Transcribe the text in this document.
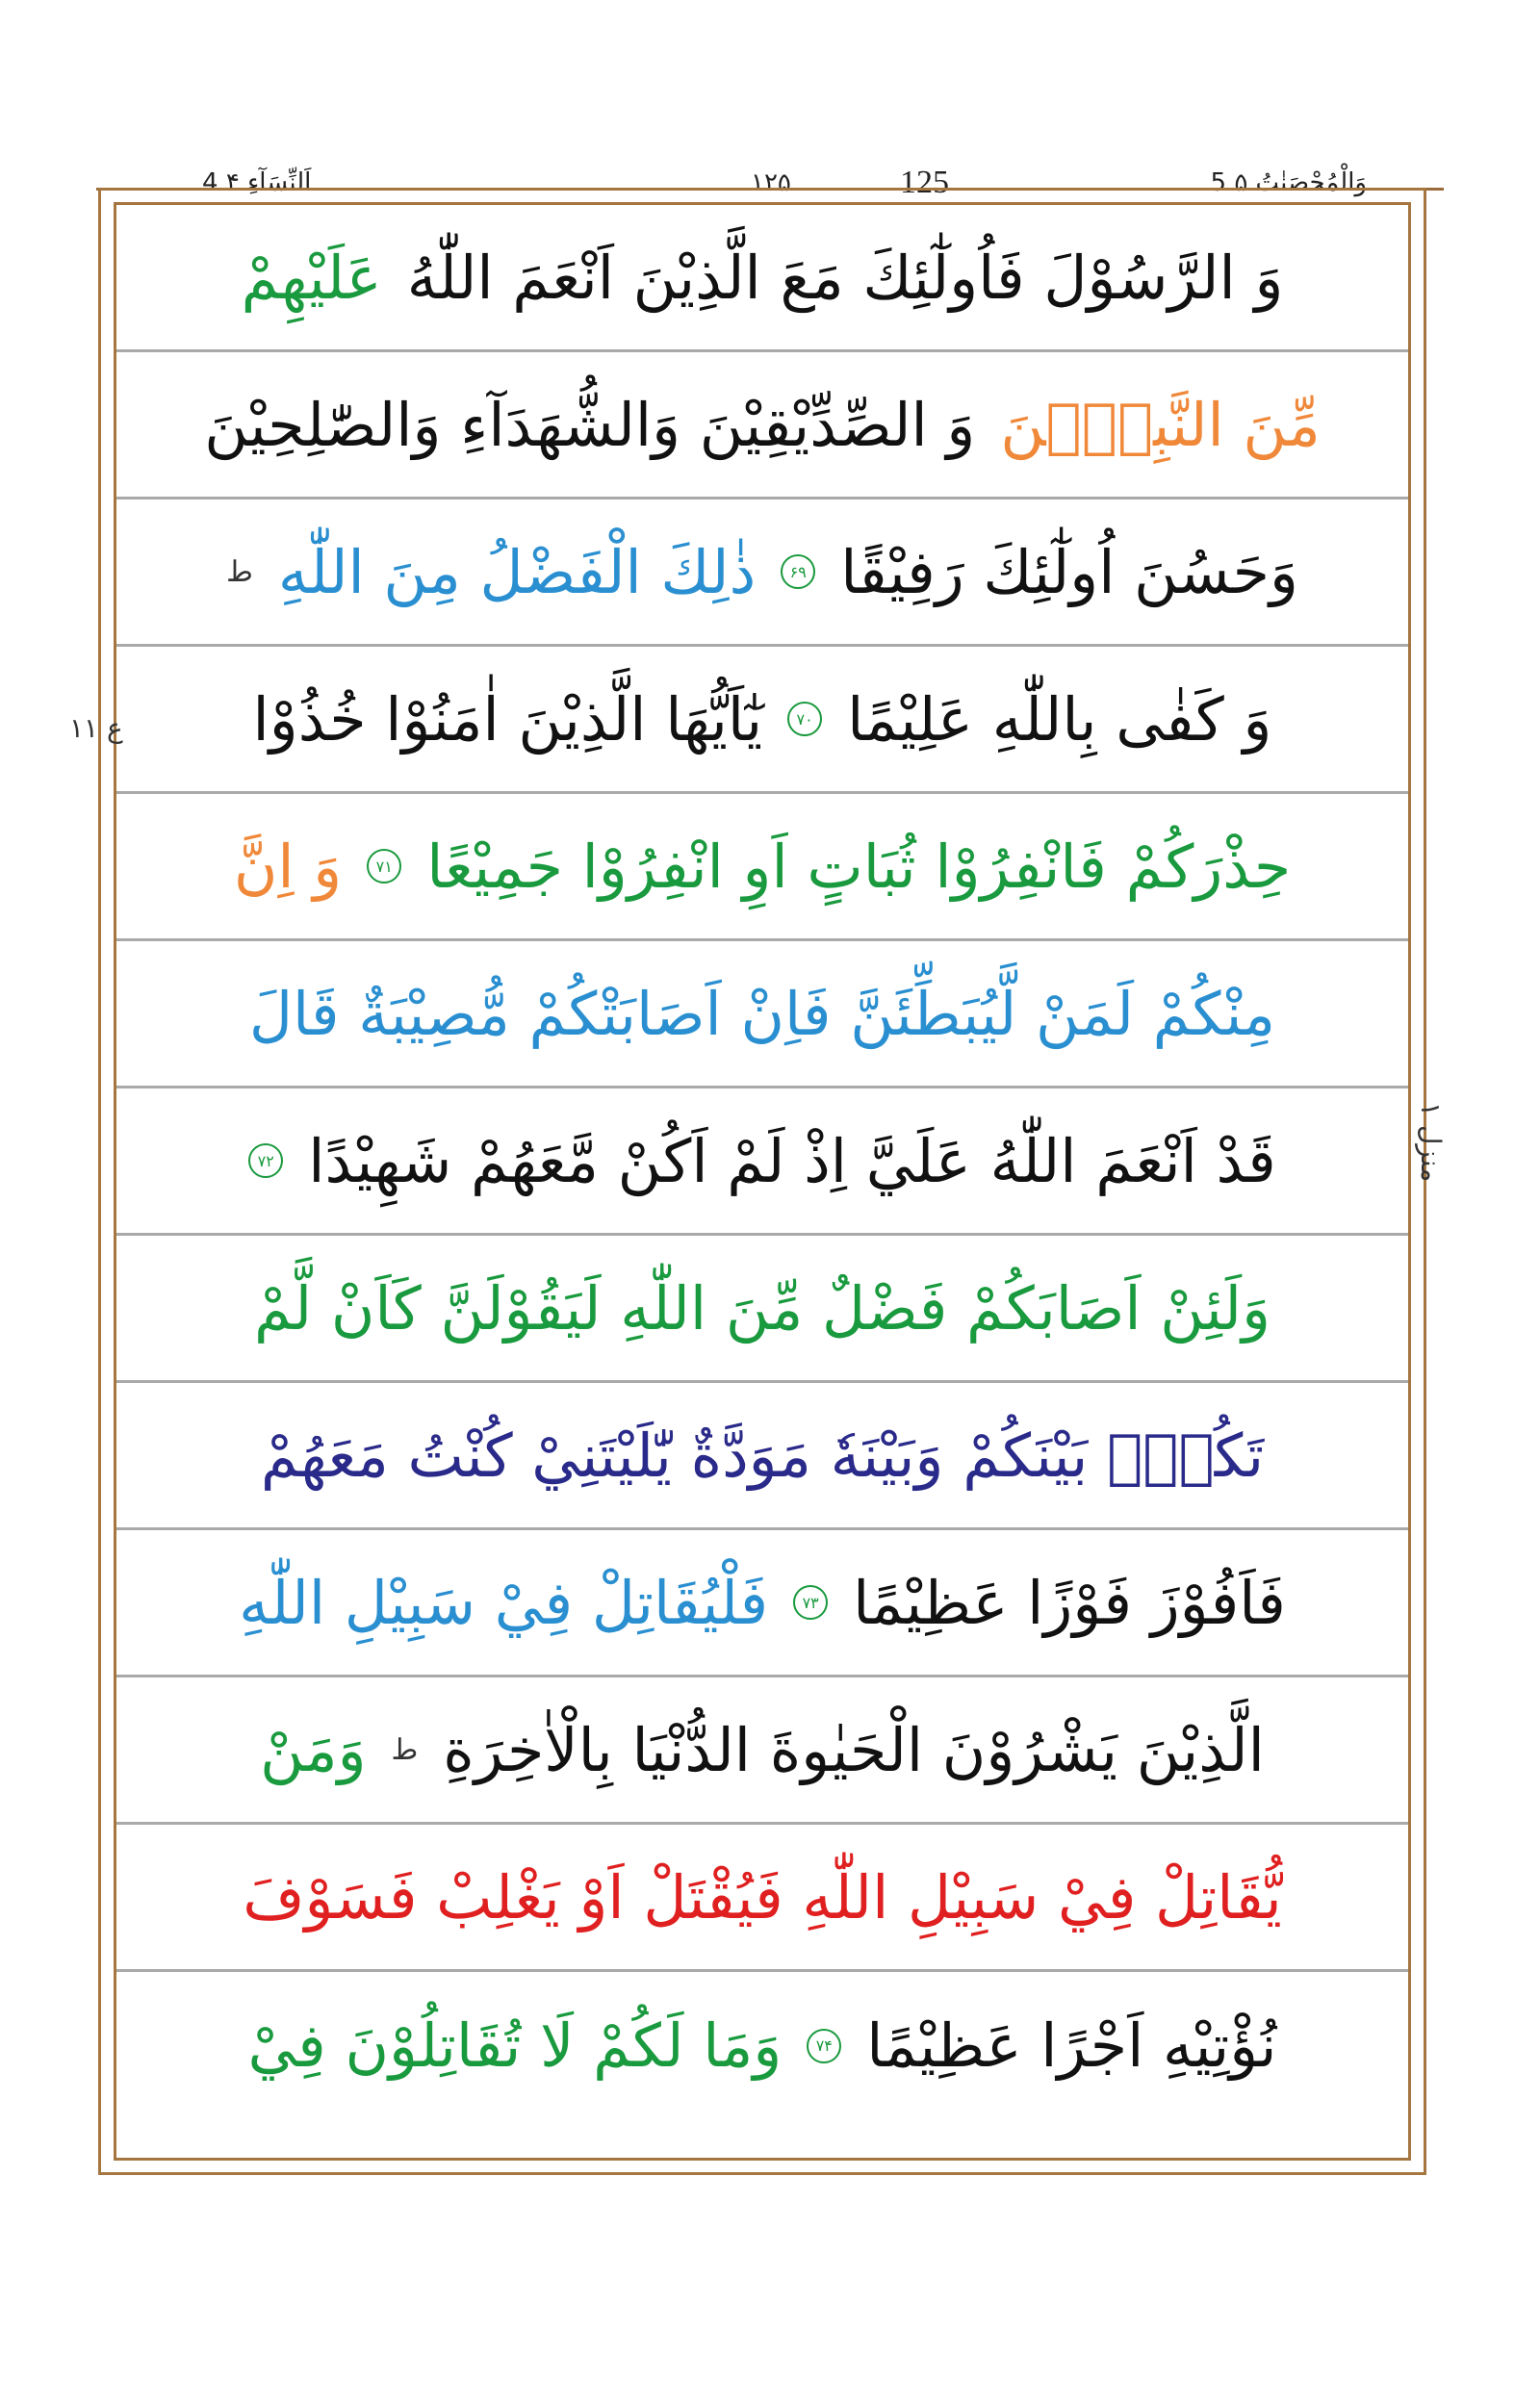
5 وَالْمُحْصَنٰتُ ۵
۱۲۵	125
4 اَلنِّسَآءِ ۴
ع ١١
منزل ۱
وَ الرَّسُوْلَ فَاُولٰٓئِكَ مَعَ الَّذِيْنَ اَنْعَمَ اللّٰهُ
عَلَيْهِمْ
مِّنَ النَّبِيّٖنَ
وَ الصِّدِّيْقِيْنَ وَالشُّهَدَآءِ وَالصّٰلِحِيْنَ
وَحَسُنَ اُولٰٓئِكَ رَفِيْقًا
۶۹
ذٰلِكَ الْفَضْلُ مِنَ اللّٰهِ
ط
وَ كَفٰى بِاللّٰهِ عَلِيْمًا
۷۰
يٰٓاَيُّهَا الَّذِيْنَ اٰمَنُوْا خُذُوْا
حِذْرَكُمْ فَانْفِرُوْا ثُبَاتٍ اَوِ انْفِرُوْا جَمِيْعًا
۷۱
وَ اِنَّ
مِنْكُمْ لَمَنْ لَّيُبَطِّئَنَّ فَاِنْ اَصَابَتْكُمْ مُّصِيْبَةٌ قَالَ
قَدْ اَنْعَمَ اللّٰهُ عَلَيَّ اِذْ لَمْ اَكُنْ مَّعَهُمْ شَهِيْدًا
۷۲
وَلَئِنْ اَصَابَكُمْ فَضْلٌ مِّنَ اللّٰهِ لَيَقُوْلَنَّ كَاَنْ لَّمْ
تَكُنْۢ بَيْنَكُمْ وَبَيْنَهٗ مَوَدَّةٌ يّٰلَيْتَنِيْ كُنْتُ مَعَهُمْ
فَاَفُوْزَ فَوْزًا عَظِيْمًا
۷۳
فَلْيُقَاتِلْ فِيْ سَبِيْلِ اللّٰهِ
الَّذِيْنَ يَشْرُوْنَ الْحَيٰوةَ الدُّنْيَا بِالْاٰخِرَةِ
ط
وَمَنْ
يُّقَاتِلْ فِيْ سَبِيْلِ اللّٰهِ فَيُقْتَلْ اَوْ يَغْلِبْ فَسَوْفَ
نُؤْتِيْهِ اَجْرًا عَظِيْمًا
۷۴
وَمَا لَكُمْ لَا تُقَاتِلُوْنَ فِيْ
